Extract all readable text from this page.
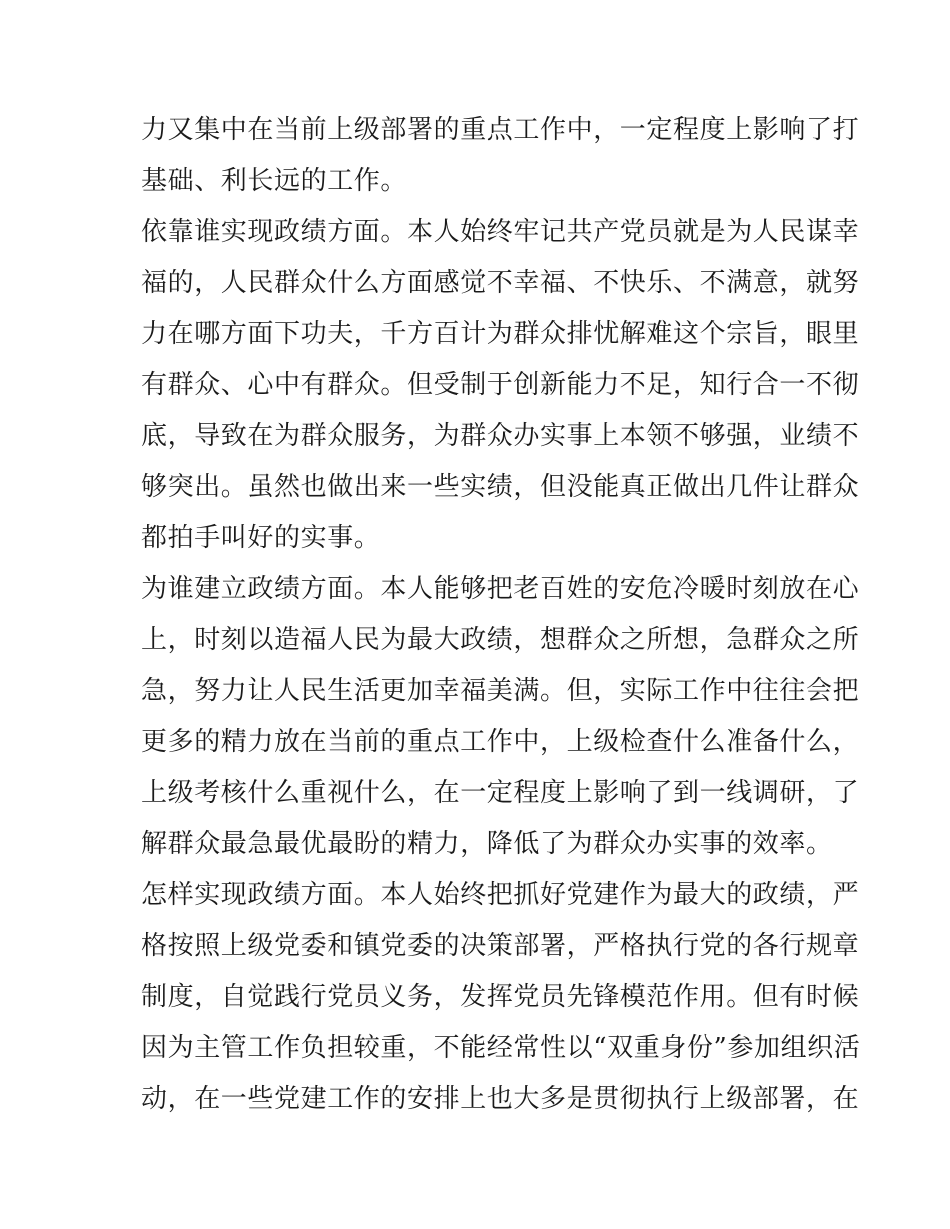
力又集中在当前上级部署的重点工作中，一定程度上影响了打
基础、利长远的工作。
依靠谁实现政绩方面。本人始终牢记共产党员就是为人民谋幸
福的，人民群众什么方面感觉不幸福、不快乐、不满意，就努
力在哪方面下功夫，千方百计为群众排忧解难这个宗旨，眼里
有群众、心中有群众。但受制于创新能力不足，知行合一不彻
底，导致在为群众服务，为群众办实事上本领不够强，业绩不
够突出。虽然也做出来一些实绩，但没能真正做出几件让群众
都拍手叫好的实事。
为谁建立政绩方面。本人能够把老百姓的安危冷暖时刻放在心
上，时刻以造福人民为最大政绩，想群众之所想，急群众之所
急，努力让人民生活更加幸福美满。但，实际工作中往往会把
更多的精力放在当前的重点工作中，上级检查什么准备什么，
上级考核什么重视什么，在一定程度上影响了到一线调研，了
解群众最急最优最盼的精力，降低了为群众办实事的效率。
怎样实现政绩方面。本人始终把抓好党建作为最大的政绩，严
格按照上级党委和镇党委的决策部署，严格执行党的各行规章
制度，自觉践行党员义务，发挥党员先锋模范作用。但有时候
因为主管工作负担较重，不能经常性以“双重身份”参加组织活
动，在一些党建工作的安排上也大多是贯彻执行上级部署，在
